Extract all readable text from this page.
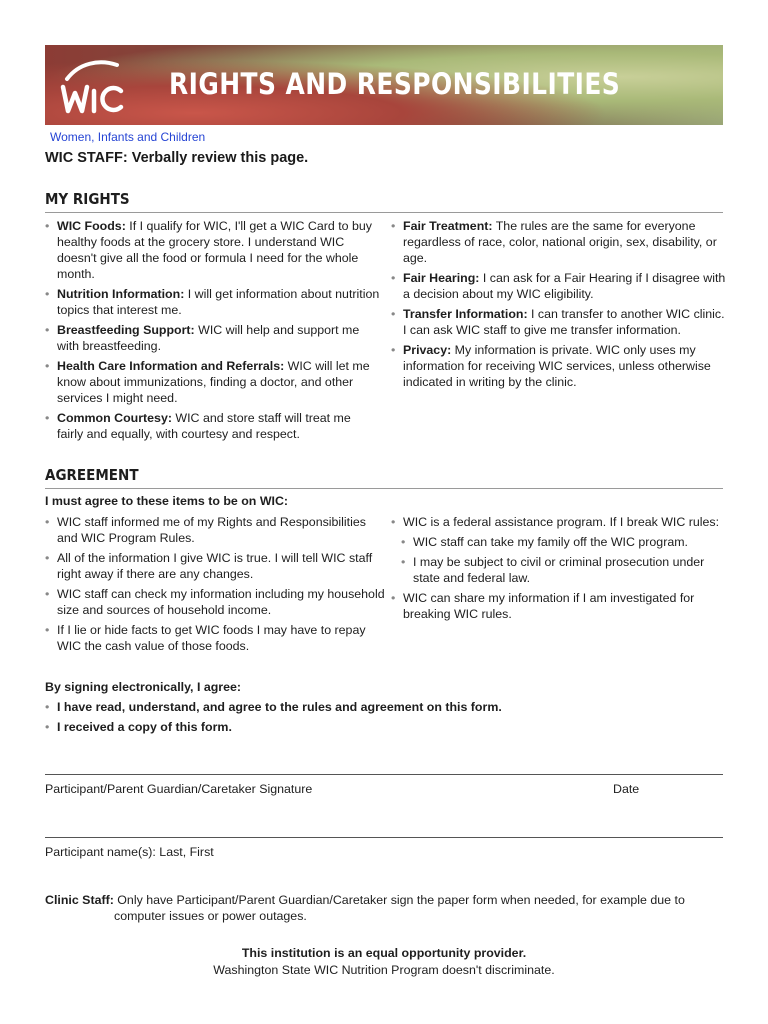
RIGHTS AND RESPONSIBILITIES
Women, Infants and Children
WIC STAFF: Verbally review this page.
MY RIGHTS
• WIC Foods: If I qualify for WIC, I'll get a WIC Card to buy healthy foods at the grocery store. I understand WIC doesn't give all the food or formula I need for the whole month.
• Nutrition Information: I will get information about nutrition topics that interest me.
• Breastfeeding Support: WIC will help and support me with breastfeeding.
• Health Care Information and Referrals: WIC will let me know about immunizations, finding a doctor, and other services I might need.
• Common Courtesy: WIC and store staff will treat me fairly and equally, with courtesy and respect.
• Fair Treatment: The rules are the same for everyone regardless of race, color, national origin, sex, disability, or age.
• Fair Hearing: I can ask for a Fair Hearing if I disagree with a decision about my WIC eligibility.
• Transfer Information: I can transfer to another WIC clinic. I can ask WIC staff to give me transfer information.
• Privacy: My information is private. WIC only uses my information for receiving WIC services, unless otherwise indicated in writing by the clinic.
AGREEMENT
I must agree to these items to be on WIC:
• WIC staff informed me of my Rights and Responsibilities and WIC Program Rules.
• All of the information I give WIC is true. I will tell WIC staff right away if there are any changes.
• WIC staff can check my information including my household size and sources of household income.
• If I lie or hide facts to get WIC foods I may have to repay WIC the cash value of those foods.
• WIC is a federal assistance program. If I break WIC rules:
• WIC staff can take my family off the WIC program.
• I may be subject to civil or criminal prosecution under state and federal law.
• WIC can share my information if I am investigated for breaking WIC rules.
By signing electronically, I agree:
• I have read, understand, and agree to the rules and agreement on this form.
• I received a copy of this form.
Participant/Parent Guardian/Caretaker Signature	Date
Participant name(s): Last, First
Clinic Staff: Only have Participant/Parent Guardian/Caretaker sign the paper form when needed, for example due to
computer issues or power outages.
This institution is an equal opportunity provider.
Washington State WIC Nutrition Program doesn't discriminate.
